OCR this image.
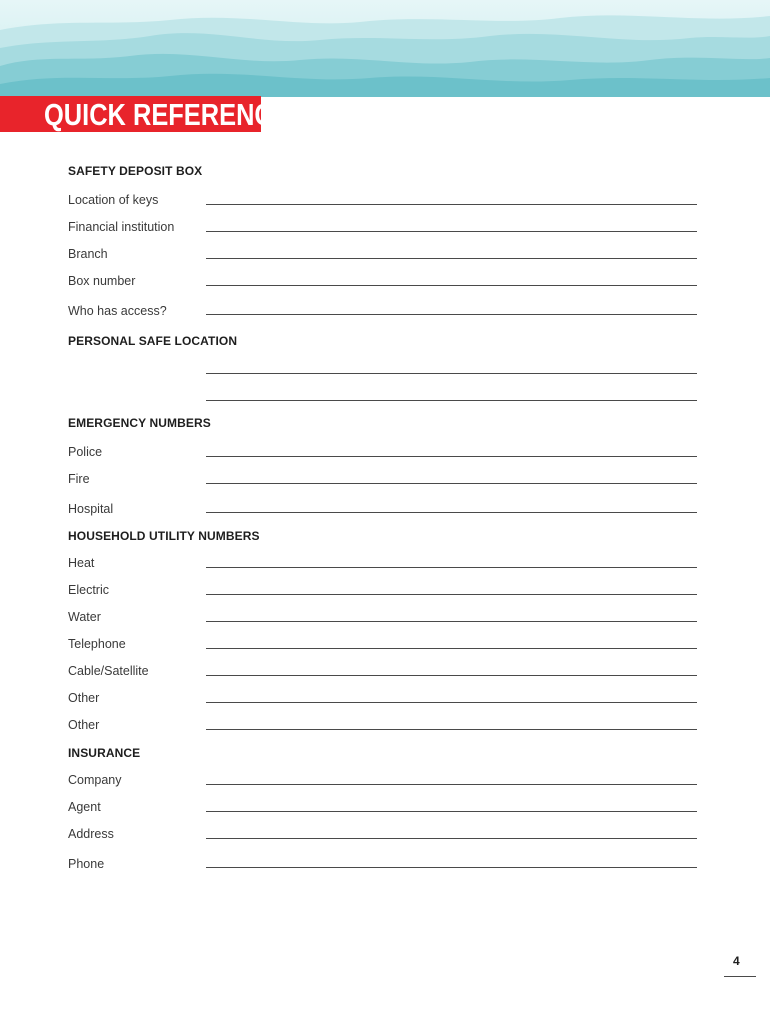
QUICK REFERENCE
SAFETY DEPOSIT BOX
Location of keys
Financial institution
Branch
Box number
Who has access?
PERSONAL SAFE LOCATION
EMERGENCY NUMBERS
Police
Fire
Hospital
HOUSEHOLD UTILITY NUMBERS
Heat
Electric
Water
Telephone
Cable/Satellite
Other
Other
INSURANCE
Company
Agent
Address
Phone
4
